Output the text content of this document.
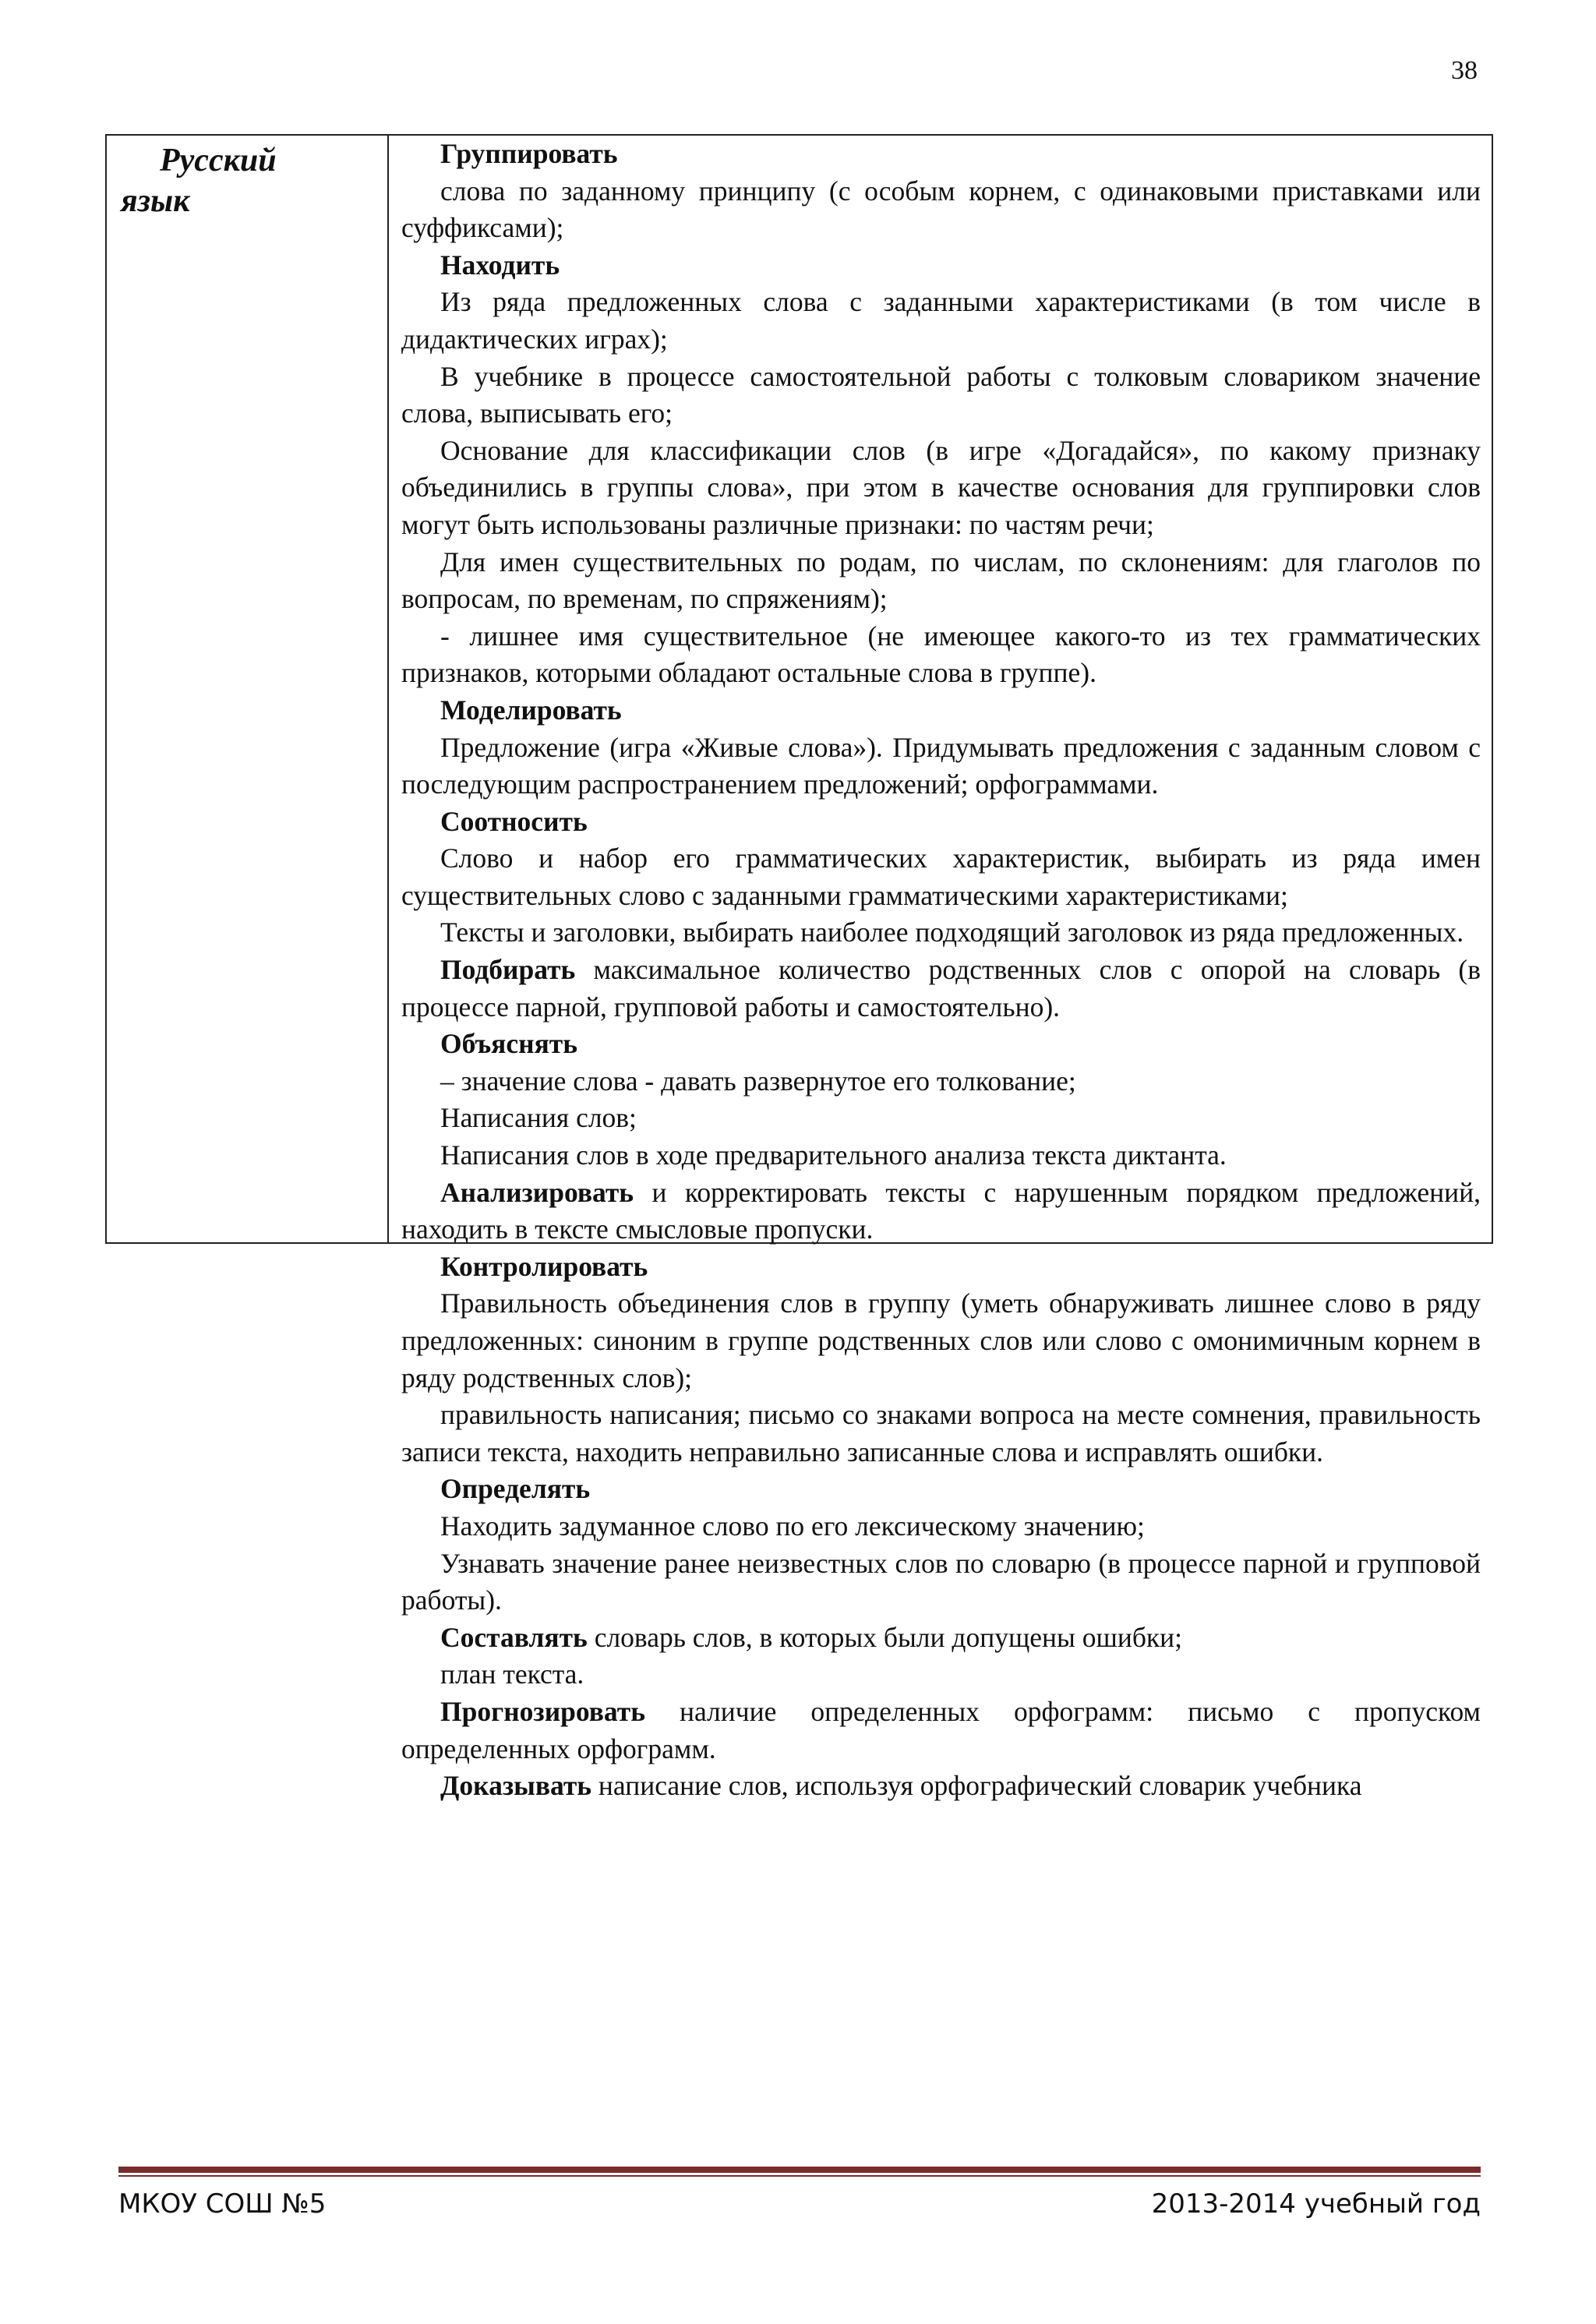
38
Русский
язык

Группировать

слова по заданному принципу (с особым корнем, с одинаковыми приставками или суффиксами);

Находить

Из ряда предложенных слова с заданными характеристиками (в том числе в дидактических играх);

В учебнике в процессе самостоятельной работы с толковым словариком значение слова, выписывать его;

Основание для классификации слов (в игре «Догадайся», по какому признаку объединились в группы слова», при этом в качестве основания для группировки слов могут быть использованы различные признаки: по частям речи;

Для имен существительных по родам, по числам, по склонениям: для глаголов по вопросам, по временам, по спряжениям);

- лишнее имя существительное (не имеющее какого-то из тех грамматических признаков, которыми обладают остальные слова в группе).

Моделировать

Предложение (игра «Живые слова»). Придумывать предложения с заданным словом с последующим распространением предложений; орфограммами.

Соотносить

Слово и набор его грамматических характеристик, выбирать из ряда имен существительных слово с заданными грамматическими характеристиками;

Тексты и заголовки, выбирать наиболее подходящий заголовок из ряда предложенных.

Подбирать максимальное количество родственных слов с опорой на словарь (в процессе парной, групповой работы и самостоятельно).

Объяснять

– значение слова - давать развернутое его толкование;

Написания слов;

Написания слов в ходе предварительного анализа текста диктанта.

Анализировать и корректировать тексты с нарушенным порядком предложений, находить в тексте смысловые пропуски.

Контролировать

Правильность объединения слов в группу (уметь обнаруживать лишнее слово в ряду предложенных: синоним в группе родственных слов или слово с омонимичным корнем в ряду родственных слов);

правильность написания; письмо со знаками вопроса на месте сомнения, правильность записи текста, находить неправильно записанные слова и исправлять ошибки.

Определять

Находить задуманное слово по его лексическому значению;

Узнавать значение ранее неизвестных слов по словарю (в процессе парной и групповой работы).

Составлять словарь слов, в которых были допущены ошибки;

план текста.

Прогнозировать наличие определенных орфограмм: письмо с пропуском определенных орфограмм.

Доказывать написание слов, используя орфографический словарик учебника

МКОУ СОШ №5	2013-2014 учебный год
